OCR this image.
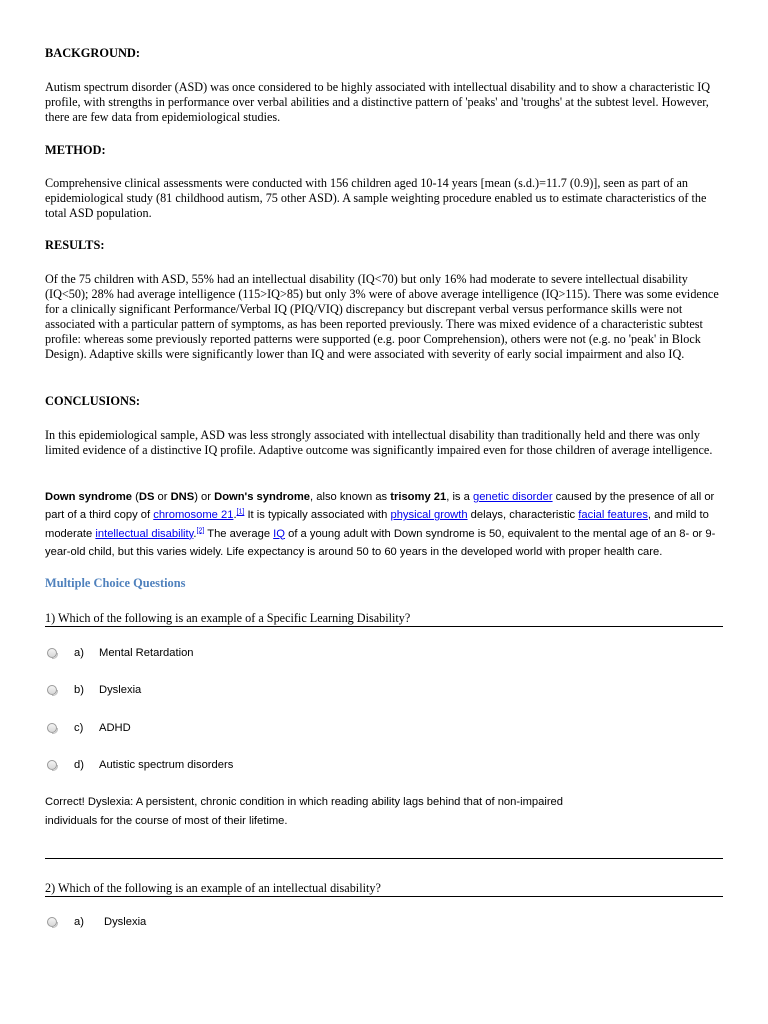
BACKGROUND:

Autism spectrum disorder (ASD) was once considered to be highly associated with intellectual disability and to show a characteristic IQ profile, with strengths in performance over verbal abilities and a distinctive pattern of 'peaks' and 'troughs' at the subtest level. However, there are few data from epidemiological studies.

METHOD:

Comprehensive clinical assessments were conducted with 156 children aged 10-14 years [mean (s.d.)=11.7 (0.9)], seen as part of an epidemiological study (81 childhood autism, 75 other ASD). A sample weighting procedure enabled us to estimate characteristics of the total ASD population.

RESULTS:

Of the 75 children with ASD, 55% had an intellectual disability (IQ<70) but only 16% had moderate to severe intellectual disability (IQ<50); 28% had average intelligence (115>IQ>85) but only 3% were of above average intelligence (IQ>115). There was some evidence for a clinically significant Performance/Verbal IQ (PIQ/VIQ) discrepancy but discrepant verbal versus performance skills were not associated with a particular pattern of symptoms, as has been reported previously. There was mixed evidence of a characteristic subtest profile: whereas some previously reported patterns were supported (e.g. poor Comprehension), others were not (e.g. no 'peak' in Block Design). Adaptive skills were significantly lower than IQ and were associated with severity of early social impairment and also IQ.

CONCLUSIONS:

In this epidemiological sample, ASD was less strongly associated with intellectual disability than traditionally held and there was only limited evidence of a distinctive IQ profile. Adaptive outcome was significantly impaired even for those children of average intelligence.

Down syndrome (DS or DNS) or Down's syndrome, also known as trisomy 21, is a genetic disorder caused by the presence of all or part of a third copy of chromosome 21.[1] It is typically associated with physical growth delays, characteristic facial features, and mild to moderate intellectual disability.[2] The average IQ of a young adult with Down syndrome is 50, equivalent to the mental age of an 8- or 9-year-old child, but this varies widely. Life expectancy is around 50 to 60 years in the developed world with proper health care.

Multiple Choice Questions
1) Which of the following is an example of a Specific Learning Disability?
a) Mental Retardation
b) Dyslexia
c) ADHD
d) Autistic spectrum disorders

Correct! Dyslexia: A persistent, chronic condition in which reading ability lags behind that of non-impaired individuals for the course of most of their lifetime.

2) Which of the following is an example of an intellectual disability?
a) Dyslexia
